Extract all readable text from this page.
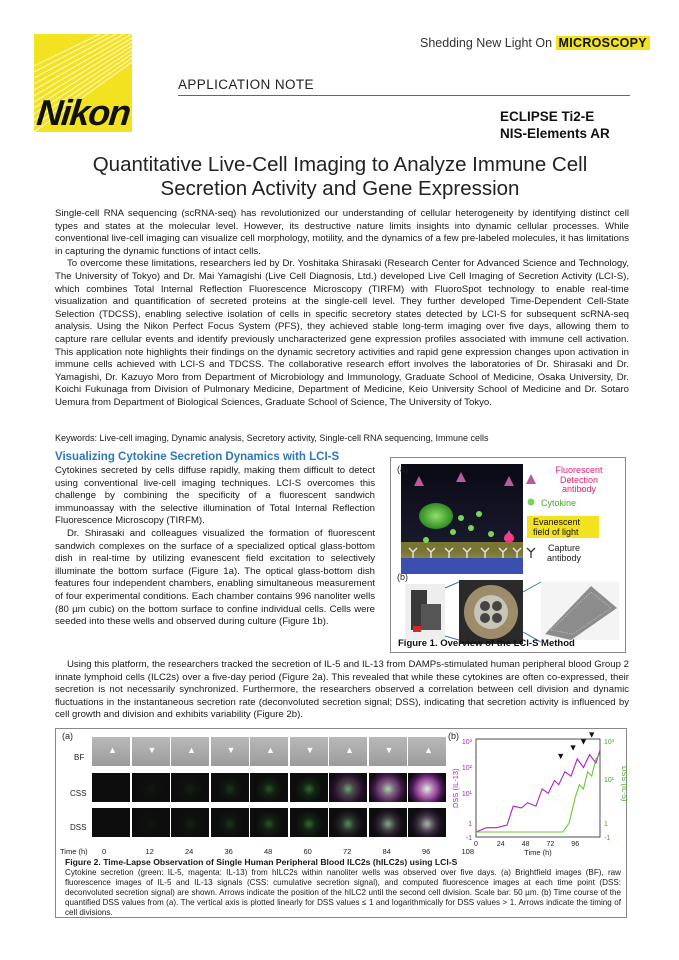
Nikon
Shedding New Light On MICROSCOPY
APPLICATION NOTE
ECLIPSE Ti2-E
NIS-Elements AR
Quantitative Live-Cell Imaging to Analyze Immune Cell
Secretion Activity and Gene Expression

Single-cell RNA sequencing (scRNA-seq) has revolutionized our understanding of cellular heterogeneity by identifying distinct cell types and states at the molecular level. However, its destructive nature limits insights into dynamic cellular processes. While conventional live-cell imaging can visualize cell morphology, motility, and the dynamics of a few pre-labeled molecules, it has limitations in capturing the dynamic functions of intact cells.

To overcome these limitations, researchers led by Dr. Yoshitaka Shirasaki (Research Center for Advanced Science and Technology, The University of Tokyo) and Dr. Mai Yamagishi (Live Cell Diagnosis, Ltd.) developed Live Cell Imaging of Secretion Activity (LCI-S), which combines Total Internal Reflection Fluorescence Microscopy (TIRFM) with FluoroSpot technology to enable real-time visualization and quantification of secreted proteins at the single-cell level. They further developed Time-Dependent Cell-State Selection (TDCSS), enabling selective isolation of cells in specific secretory states detected by LCI-S for subsequent scRNA-seq analysis. Using the Nikon Perfect Focus System (PFS), they achieved stable long-term imaging over five days, allowing them to capture rare cellular events and identify previously uncharacterized gene expression profiles associated with immune cell activation. This application note highlights their findings on the dynamic secretory activities and rapid gene expression changes upon activation in immune cells achieved with LCI-S and TDCSS. The collaborative research effort involves the laboratories of Dr. Shirasaki and Dr. Yamagishi, Dr. Kazuyo Moro from Department of Microbiology and Immunology, Graduate School of Medicine, Osaka University, Dr. Koichi Fukunaga from Division of Pulmonary Medicine, Department of Medicine, Keio University School of Medicine and Dr. Sotaro Uemura from Department of Biological Sciences, Graduate School of Science, The University of Tokyo.

Keywords: Live-cell imaging, Dynamic analysis, Secretory activity, Single-cell RNA sequencing, Immune cells
Visualizing Cytokine Secretion Dynamics with LCI-S

Cytokines secreted by cells diffuse rapidly, making them difficult to detect using conventional live-cell imaging techniques. LCI-S overcomes this challenge by combining the specificity of a fluorescent sandwich immunoassay with the selective illumination of Total Internal Reflection Fluorescence Microscopy (TIRFM).

Dr. Shirasaki and colleagues visualized the formation of fluorescent sandwich complexes on the surface of a specialized optical glass-bottom dish in real-time by utilizing evanescent field excitation to selectively illuminate the bottom surface (Figure 1a). The optical glass-bottom dish features four independent chambers, enabling simultaneous measurement of four experimental conditions. Each chamber contains 996 nanoliter wells (80 µm cubic) on the bottom surface to confine individual cells. Cells were seeded into these wells and observed during culture (Figure 1b).

(a)
(b)
Fluorescent
Detection
antibody
Cytokine
Evanescent
field of light
Capture
antibody
Figure 1. Overview of the LCI-S Method

Using this platform, the researchers tracked the secretion of IL-5 and IL-13 from DAMPs-stimulated human peripheral blood Group 2 innate lymphoid cells (ILC2s) over a five-day period (Figure 2a). This revealed that while these cytokines are often co-expressed, their secretion is not necessarily synchronized. Furthermore, the researchers observed a correlation between cell division and dynamic fluctuations in the instantaneous secretion rate (deconvoluted secretion signal; DSS), indicating that secretion activity is influenced by cell growth and division and exhibits variability (Figure 2b).

(a)	(b)
▲	▼	▲	▼	▲	▼	▲	▼	▲
BF
CSS
DSS
Time (h) 0	12	24	36	48	60	72	84	96	108
10³
10²
10¹
1
-1
10³
10¹
1
-1
DSS (IL-13)	DSS (IL-5)
0	24 48 72 96
Time (h)
▼
▼
▼
▼
Figure 2. Time-Lapse Observation of Single Human Peripheral Blood ILC2s (hILC2s) using LCI-S
Cytokine secretion (green: IL-5, magenta: IL-13) from hILC2s within nanoliter wells was observed over five days. (a) Brightfield images (BF), raw fluorescence images of IL-5 and IL-13 signals (CSS: cumulative secretion signal), and computed fluorescence images at each time point (DSS: deconvoluted secretion signal) are shown. Arrows indicate the position of the hILC2 until the second cell division. Scale bar: 50 µm. (b) Time course of the quantified DSS values from (a). The vertical axis is plotted linearly for DSS values ≤ 1 and logarithmically for DSS values > 1. Arrows indicate the timing of cell divisions.
